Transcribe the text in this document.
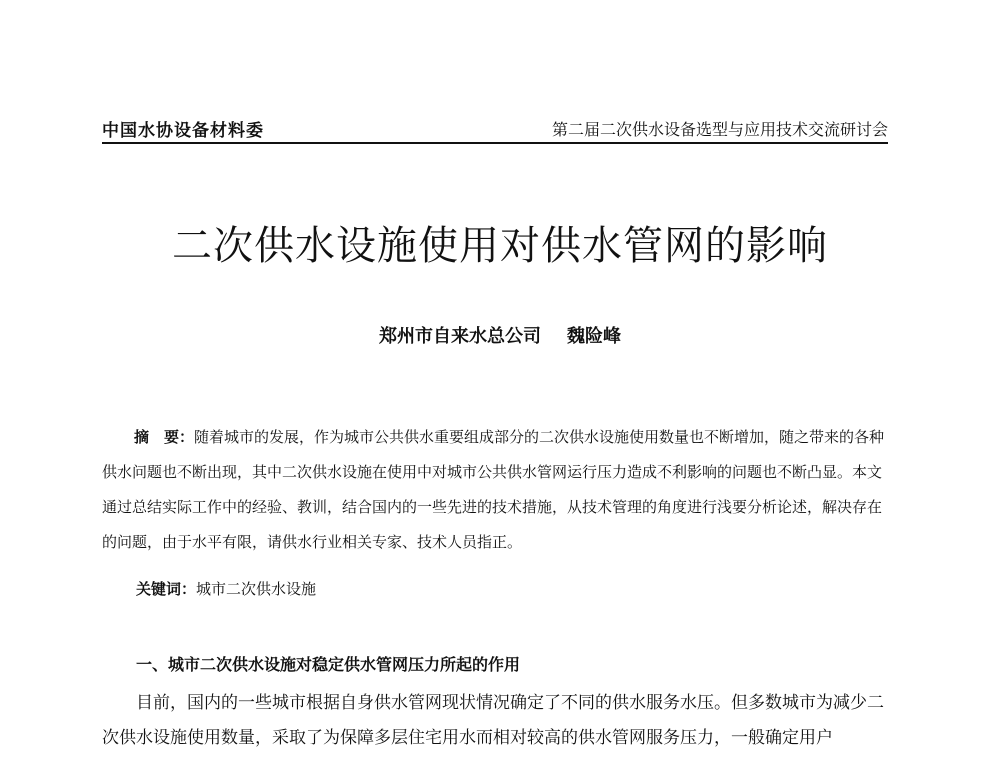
中国水协设备材料委	第二届二次供水设备选型与应用技术交流研讨会
二次供水设施使用对供水管网的影响
郑州市自来水总公司 魏险峰
摘　要：随着城市的发展，作为城市公共供水重要组成部分的二次供水设施使用数量也不断增加，随之带来的各种供水问题也不断出现，其中二次供水设施在使用中对城市公共供水管网运行压力造成不利影响的问题也不断凸显。本文通过总结实际工作中的经验、教训，结合国内的一些先进的技术措施，从技术管理的角度进行浅要分析论述，解决存在的问题，由于水平有限，请供水行业相关专家、技术人员指正。
关键词：城市二次供水设施
一、城市二次供水设施对稳定供水管网压力所起的作用
目前，国内的一些城市根据自身供水管网现状情况确定了不同的供水服务水压。但多数城市为减少二次供水设施使用数量，采取了为保障多层住宅用水而相对较高的供水管网服务压力，一般确定用户
